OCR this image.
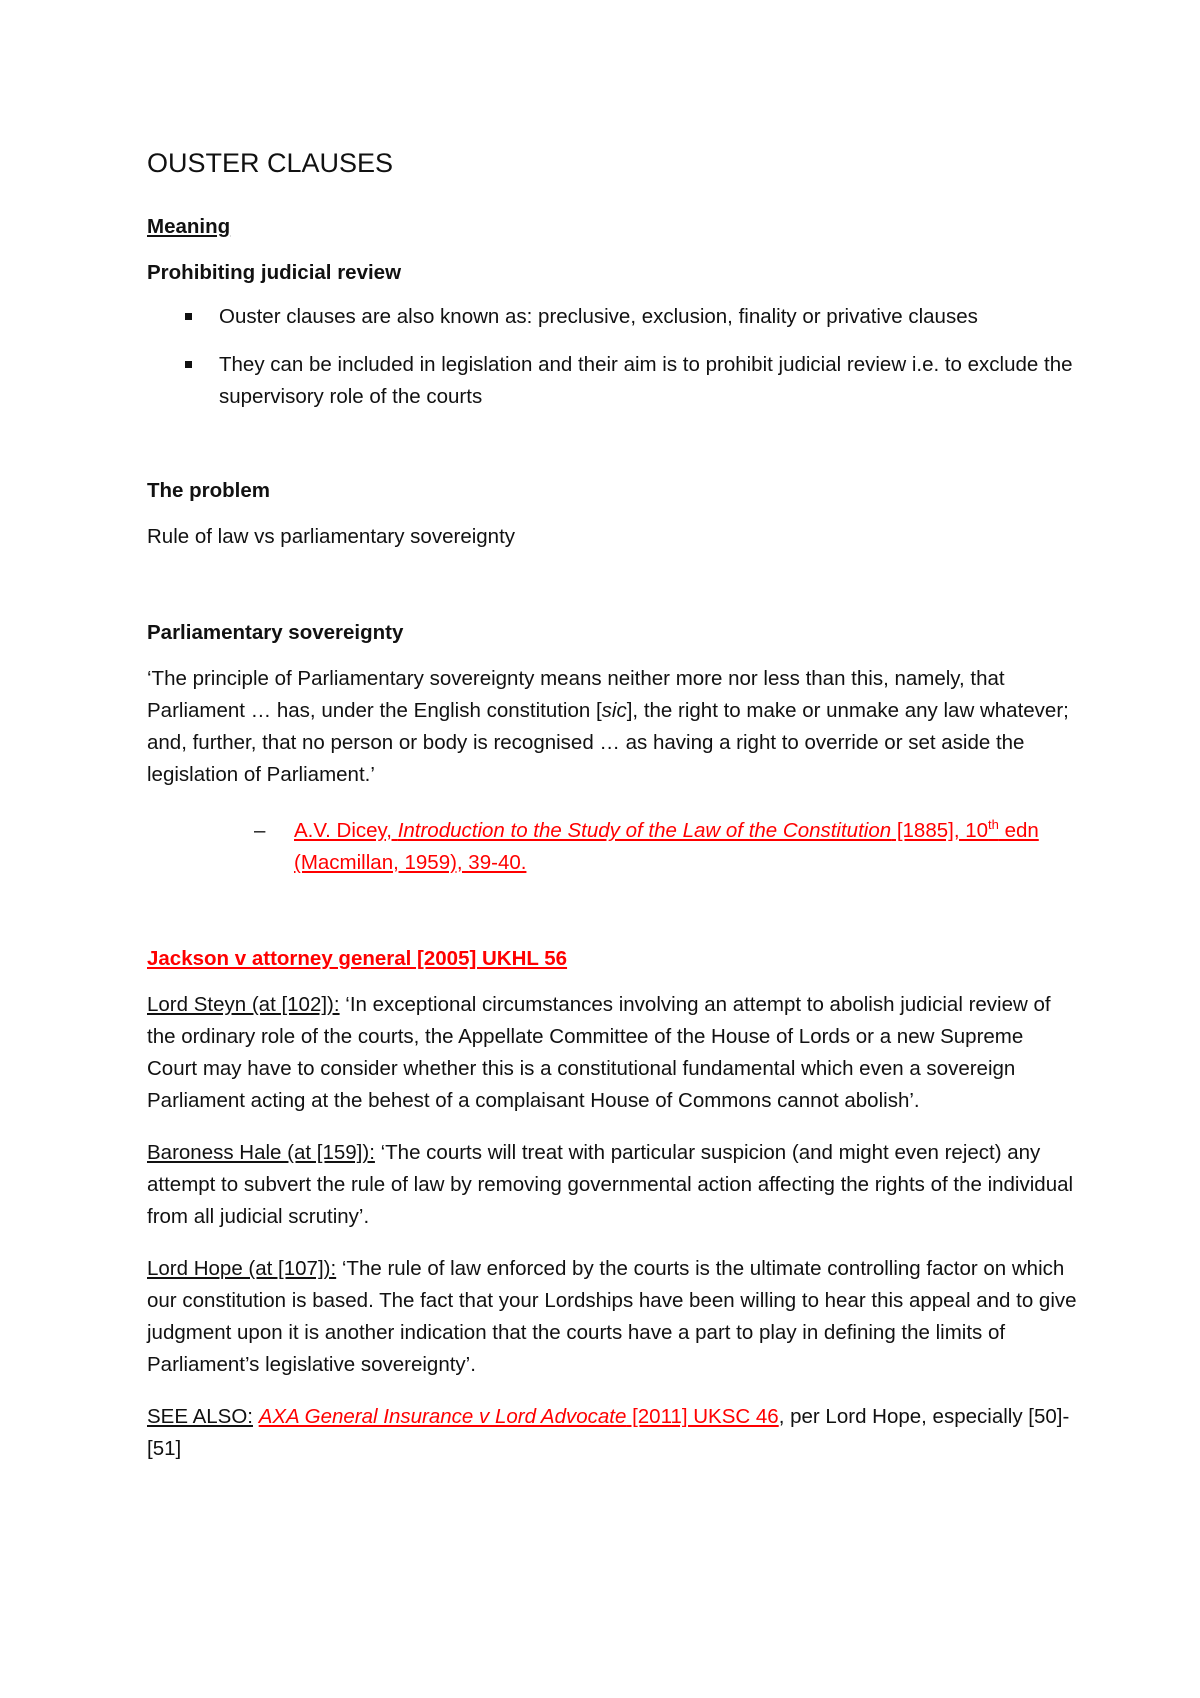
OUSTER CLAUSES

Meaning

Prohibiting judicial review

Ouster clauses are also known as: preclusive, exclusion, finality or privative clauses
They can be included in legislation and their aim is to prohibit judicial review i.e. to exclude the supervisory role of the courts

The problem

Rule of law vs parliamentary sovereignty

Parliamentary sovereignty

‘The principle of Parliamentary sovereignty means neither more nor less than this, namely, that Parliament … has, under the English constitution [sic], the right to make or unmake any law whatever; and, further, that no person or body is recognised … as having a right to override or set aside the legislation of Parliament.’

– A.V. Dicey, Introduction to the Study of the Law of the Constitution [1885], 10th edn (Macmillan, 1959), 39-40.

Jackson v attorney general [2005] UKHL 56

Lord Steyn (at [102]): ‘In exceptional circumstances involving an attempt to abolish judicial review of the ordinary role of the courts, the Appellate Committee of the House of Lords or a new Supreme Court may have to consider whether this is a constitutional fundamental which even a sovereign Parliament acting at the behest of a complaisant House of Commons cannot abolish’.

Baroness Hale (at [159]): ‘The courts will treat with particular suspicion (and might even reject) any attempt to subvert the rule of law by removing governmental action affecting the rights of the individual from all judicial scrutiny’.

Lord Hope (at [107]): ‘The rule of law enforced by the courts is the ultimate controlling factor on which our constitution is based. The fact that your Lordships have been willing to hear this appeal and to give judgment upon it is another indication that the courts have a part to play in defining the limits of Parliament’s legislative sovereignty’.

SEE ALSO: AXA General Insurance v Lord Advocate [2011] UKSC 46, per Lord Hope, especially [50]-[51]
